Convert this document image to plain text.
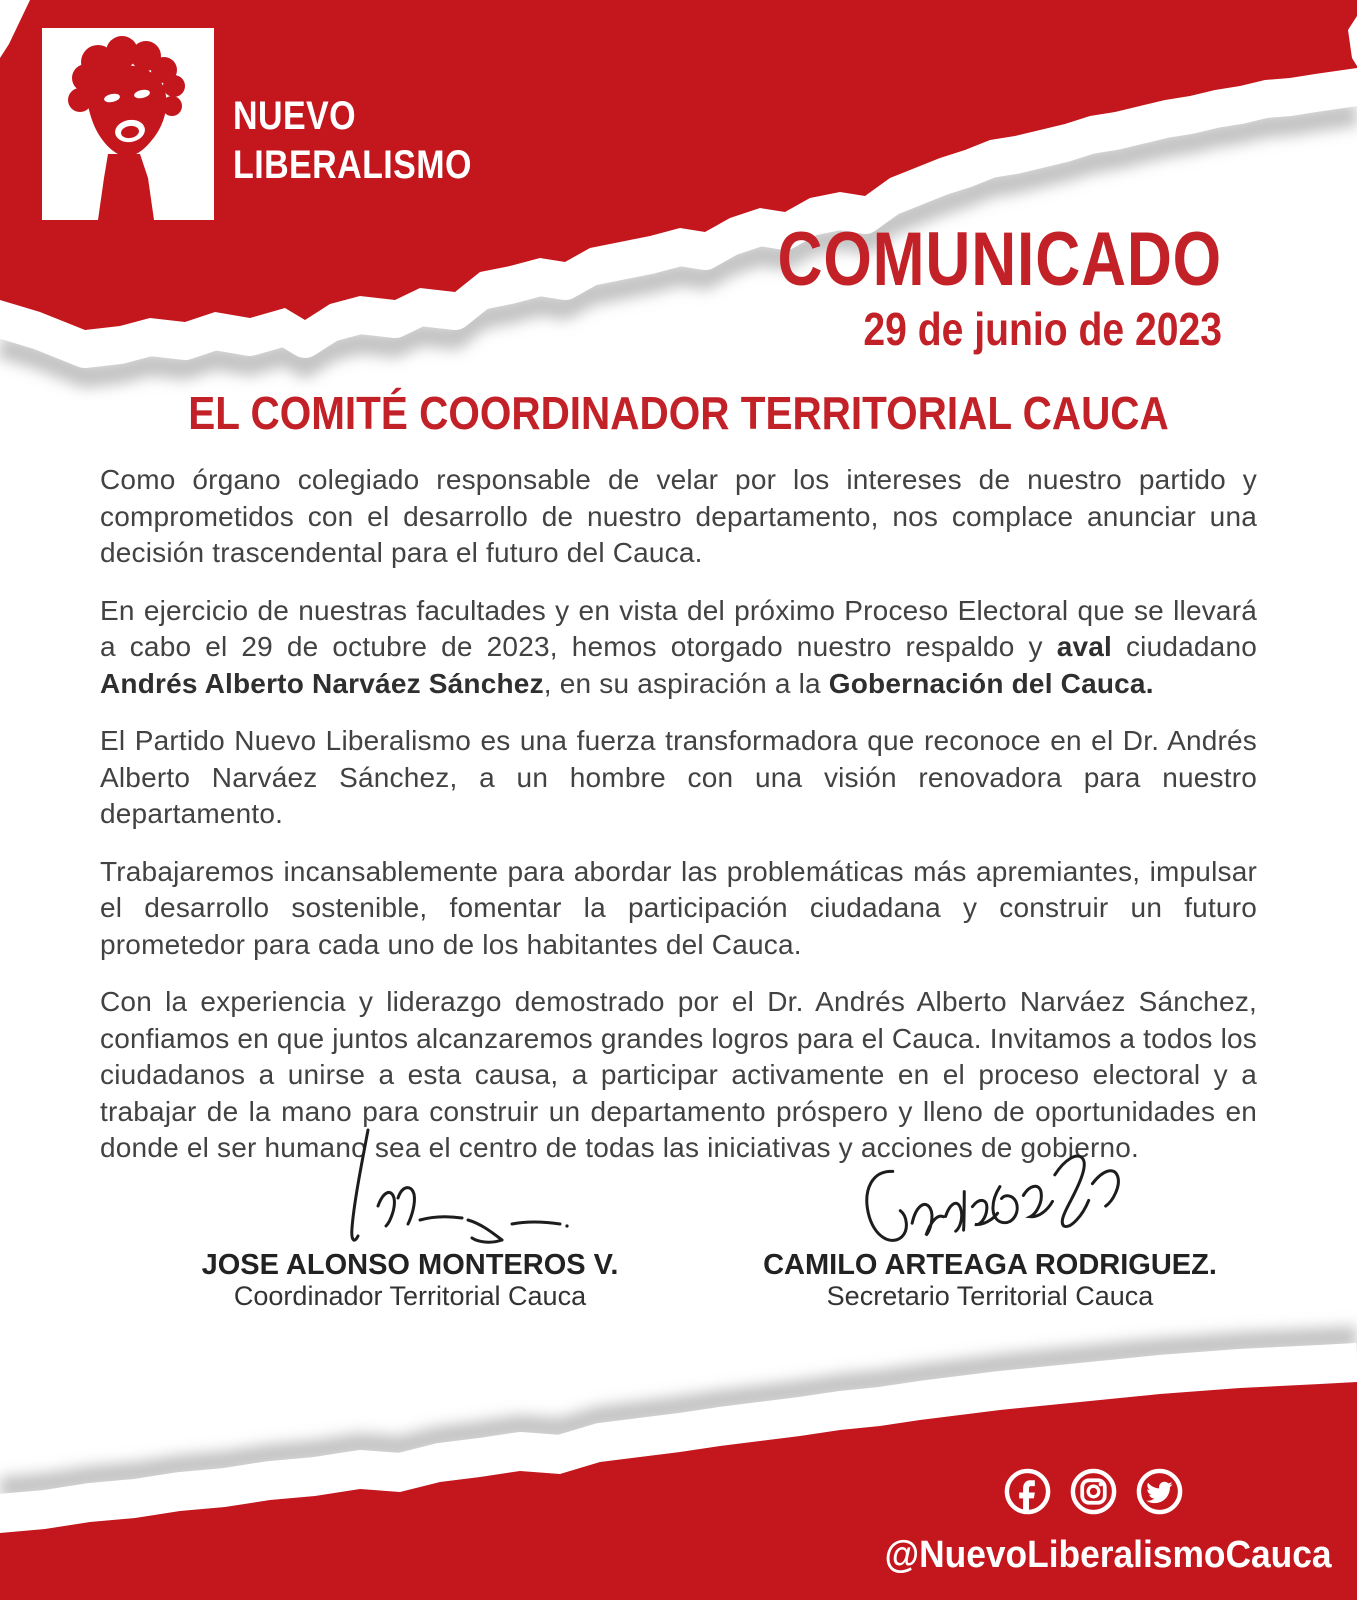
NUEVO
LIBERALISMO
COMUNICADO
29 de junio de 2023
EL COMITÉ COORDINADOR TERRITORIAL CAUCA

Como órgano colegiado responsable de velar por los intereses de nuestro partido y comprometidos con el desarrollo de nuestro departamento, nos complace anunciar una decisión trascendental para el futuro del Cauca.

En ejercicio de nuestras facultades y en vista del próximo Proceso Electoral que se llevará a cabo el 29 de octubre de 2023, hemos otorgado nuestro respaldo y aval ciudadano Andrés Alberto Narváez Sánchez, en su aspiración a la Gobernación del Cauca.

El Partido Nuevo Liberalismo es una fuerza transformadora que reconoce en el Dr. Andrés Alberto Narváez Sánchez, a un hombre con una visión renovadora para nuestro departamento.

Trabajaremos incansablemente para abordar las problemáticas más apremiantes, impulsar el desarrollo sostenible, fomentar la participación ciudadana y construir un futuro prometedor para cada uno de los habitantes del Cauca.

Con la experiencia y liderazgo demostrado por el Dr. Andrés Alberto Narváez Sánchez, confiamos en que juntos alcanzaremos grandes logros para el Cauca. Invitamos a todos los ciudadanos a unirse a esta causa, a participar activamente en el proceso electoral y a trabajar de la mano para construir un departamento próspero y lleno de oportunidades en donde el ser humano sea el centro de todas las iniciativas y acciones de gobierno.

JOSE ALONSO MONTEROS V.
Coordinador Territorial Cauca
CAMILO ARTEAGA RODRIGUEZ.
Secretario Territorial Cauca
@NuevoLiberalismoCauca
